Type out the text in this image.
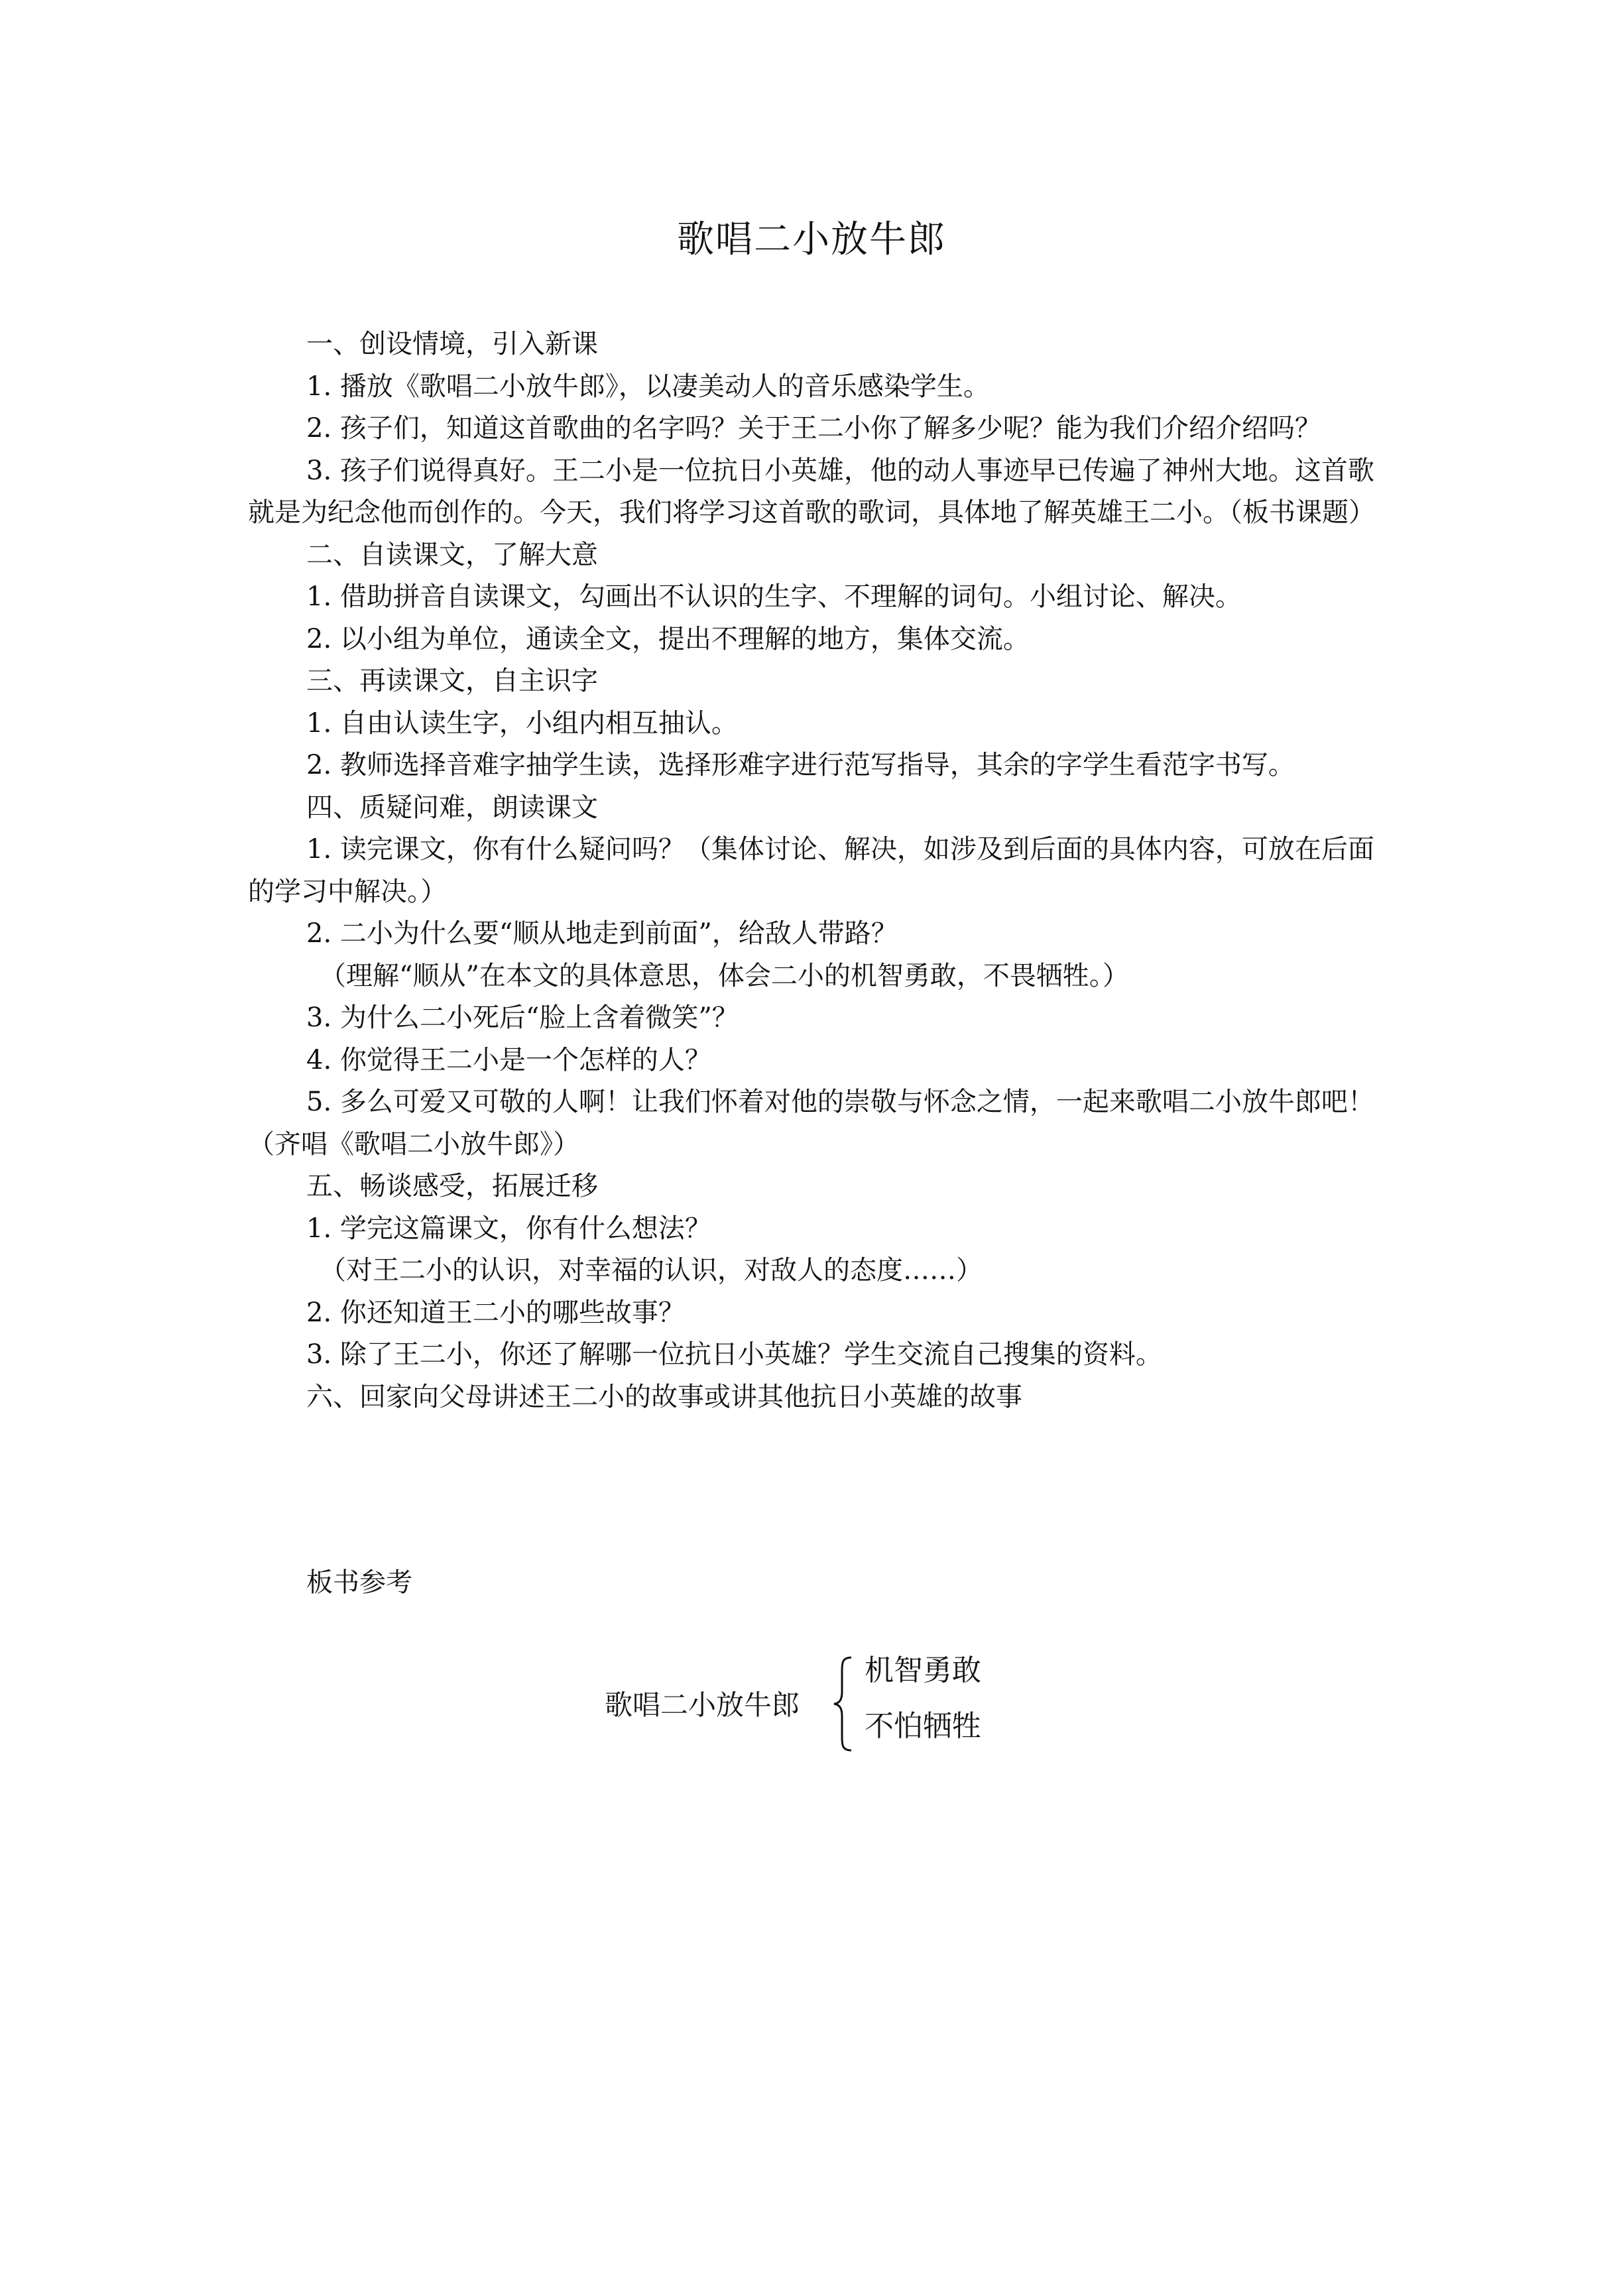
歌唱二小放牛郎

一、创设情境，引入新课

1. 播放《歌唱二小放牛郎》，以凄美动人的音乐感染学生。

2. 孩子们，知道这首歌曲的名字吗？关于王二小你了解多少呢？能为我们介绍介绍吗？

3. 孩子们说得真好。王二小是一位抗日小英雄，他的动人事迹早已传遍了神州大地。这首歌就是为纪念他而创作的。今天，我们将学习这首歌的歌词，具体地了解英雄王二小。（板书课题）

二、自读课文，了解大意

1. 借助拼音自读课文，勾画出不认识的生字、不理解的词句。小组讨论、解决。

2. 以小组为单位，通读全文，提出不理解的地方，集体交流。

三、再读课文，自主识字

1. 自由认读生字，小组内相互抽认。

2. 教师选择音难字抽学生读，选择形难字进行范写指导，其余的字学生看范字书写。

四、质疑问难，朗读课文

1. 读完课文，你有什么疑问吗？（集体讨论、解决，如涉及到后面的具体内容，可放在后面的学习中解决。）

2. 二小为什么要“顺从地走到前面”，给敌人带路？

（理解“顺从”在本文的具体意思，体会二小的机智勇敢，不畏牺牲。）

3. 为什么二小死后“脸上含着微笑”？

4. 你觉得王二小是一个怎样的人？

5. 多么可爱又可敬的人啊！让我们怀着对他的崇敬与怀念之情，一起来歌唱二小放牛郎吧！（齐唱《歌唱二小放牛郎》）

五、畅谈感受，拓展迁移

1. 学完这篇课文，你有什么想法？

（对王二小的认识，对幸福的认识，对敌人的态度……）

2. 你还知道王二小的哪些故事？

3. 除了王二小，你还了解哪一位抗日小英雄？学生交流自己搜集的资料。

六、回家向父母讲述王二小的故事或讲其他抗日小英雄的故事

板书参考
歌唱二小放牛郎
机智勇敢
不怕牺牲
